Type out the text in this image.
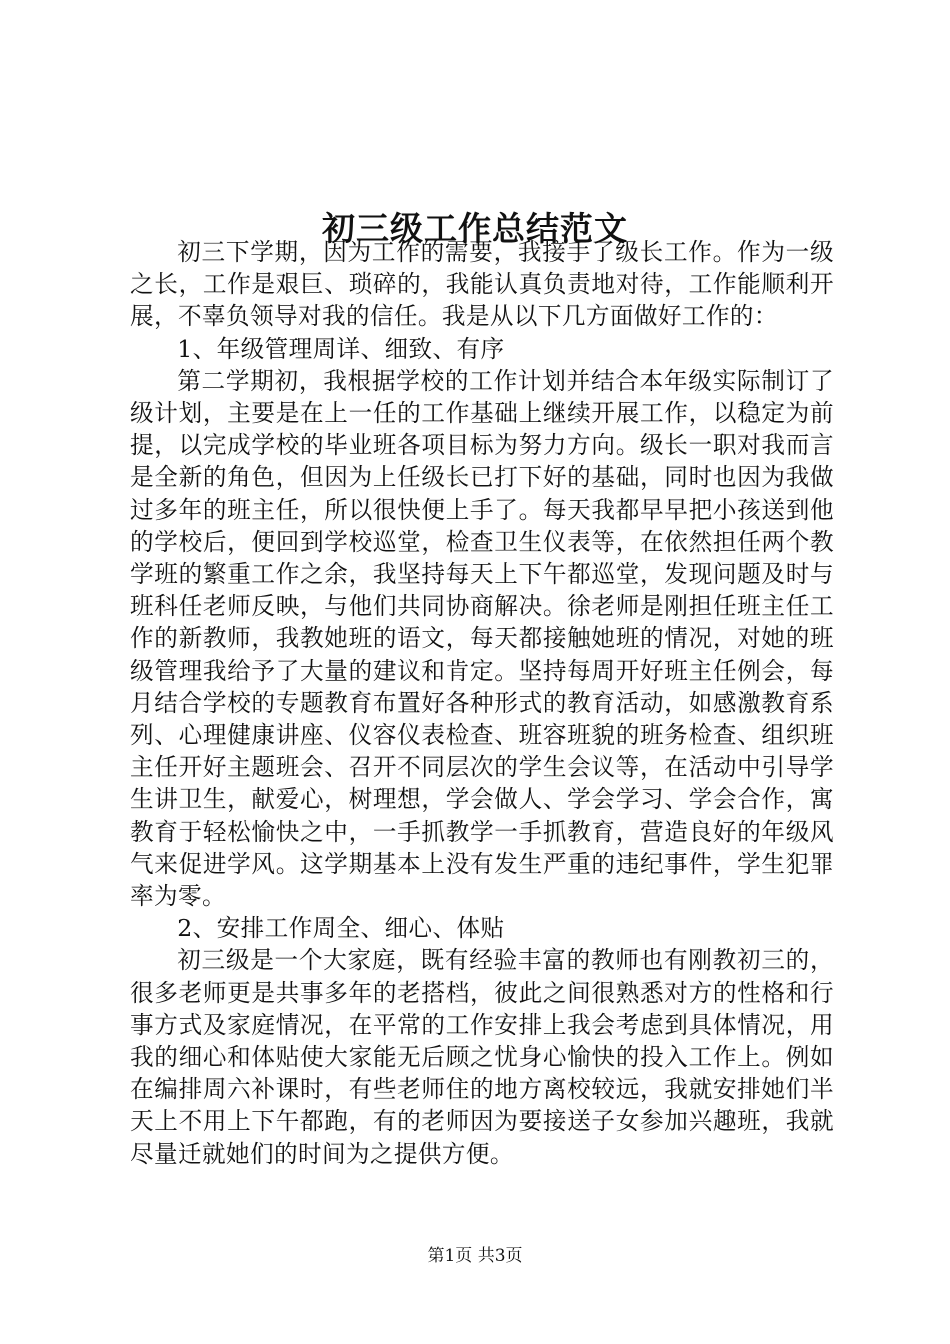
初三级工作总结范文

初三下学期，因为工作的需要，我接手了级长工作。作为一级之长，工作是艰巨、琐碎的，我能认真负责地对待，工作能顺利开展，不辜负领导对我的信任。我是从以下几方面做好工作的：

1、年级管理周详、细致、有序

第二学期初，我根据学校的工作计划并结合本年级实际制订了级计划，主要是在上一任的工作基础上继续开展工作，以稳定为前提，以完成学校的毕业班各项目标为努力方向。级长一职对我而言是全新的角色，但因为上任级长已打下好的基础，同时也因为我做过多年的班主任，所以很快便上手了。每天我都早早把小孩送到他的学校后，便回到学校巡堂，检查卫生仪表等，在依然担任两个教学班的繁重工作之余，我坚持每天上下午都巡堂，发现问题及时与班科任老师反映，与他们共同协商解决。徐老师是刚担任班主任工作的新教师，我教她班的语文，每天都接触她班的情况，对她的班级管理我给予了大量的建议和肯定。坚持每周开好班主任例会，每月结合学校的专题教育布置好各种形式的教育活动，如感激教育系列、心理健康讲座、仪容仪表检查、班容班貌的班务检查、组织班主任开好主题班会、召开不同层次的学生会议等，在活动中引导学生讲卫生，献爱心，树理想，学会做人、学会学习、学会合作，寓教育于轻松愉快之中，一手抓教学一手抓教育，营造良好的年级风气来促进学风。这学期基本上没有发生严重的违纪事件，学生犯罪率为零。

2、安排工作周全、细心、体贴

初三级是一个大家庭，既有经验丰富的教师也有刚教初三的，很多老师更是共事多年的老搭档，彼此之间很熟悉对方的性格和行事方式及家庭情况，在平常的工作安排上我会考虑到具体情况，用我的细心和体贴使大家能无后顾之忧身心愉快的投入工作上。例如在编排周六补课时，有些老师住的地方离校较远，我就安排她们半天上不用上下午都跑，有的老师因为要接送子女参加兴趣班，我就尽量迁就她们的时间为之提供方便。

第1页 共3页
